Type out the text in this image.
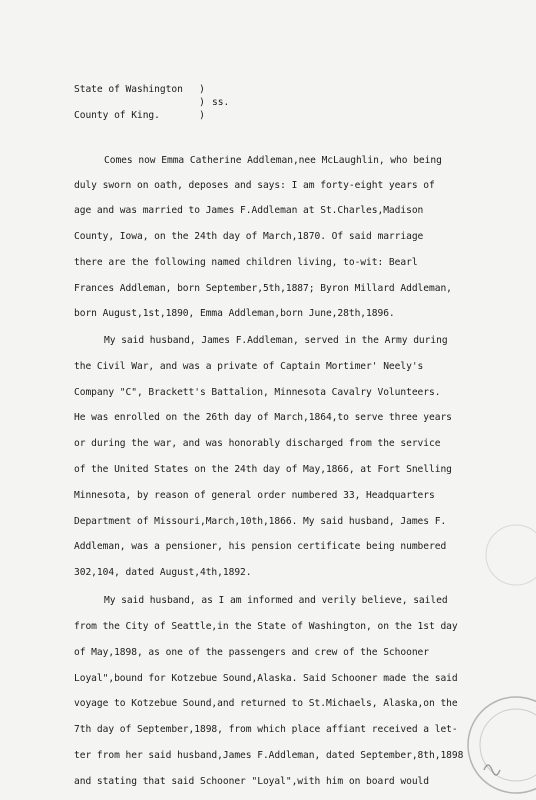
State of Washington )
) ss.
County of King.	)
Comes now Emma Catherine Addleman,nee McLaughlin, who being
duly sworn on oath, deposes and says: I am forty-eight years of
age and was married to James F.Addleman at St.Charles,Madison
County, Iowa, on the 24th day of March,1870. Of said marriage
there are the following named children living, to-wit: Bearl
Frances Addleman, born September,5th,1887; Byron Millard Addleman,
born August,1st,1890, Emma Addleman,born June,28th,1896.
My said husband, James F.Addleman, served in the Army during
the Civil War, and was a private of Captain Mortimer' Neely's
Company "C", Brackett's Battalion, Minnesota Cavalry Volunteers.
He was enrolled on the 26th day of March,1864,to serve three years
or during the war, and was honorably discharged from the service
of the United States on the 24th day of May,1866, at Fort Snelling
Minnesota, by reason of general order numbered 33, Headquarters
Department of Missouri,March,10th,1866. My said husband, James F.
Addleman, was a pensioner, his pension certificate being numbered
302,104, dated August,4th,1892.
My said husband, as I am informed and verily believe, sailed
from the City of Seattle,in the State of Washington, on the 1st day
of May,1898, as one of the passengers and crew of the Schooner
Loyal",bound for Kotzebue Sound,Alaska. Said Schooner made the said
voyage to Kotzebue Sound,and returned to St.Michaels, Alaska,on the
7th day of September,1898, from which place affiant received a let-
ter from her said husband,James F.Addleman, dated September,8th,1898
and stating that said Schooner "Loyal",with him on board would
